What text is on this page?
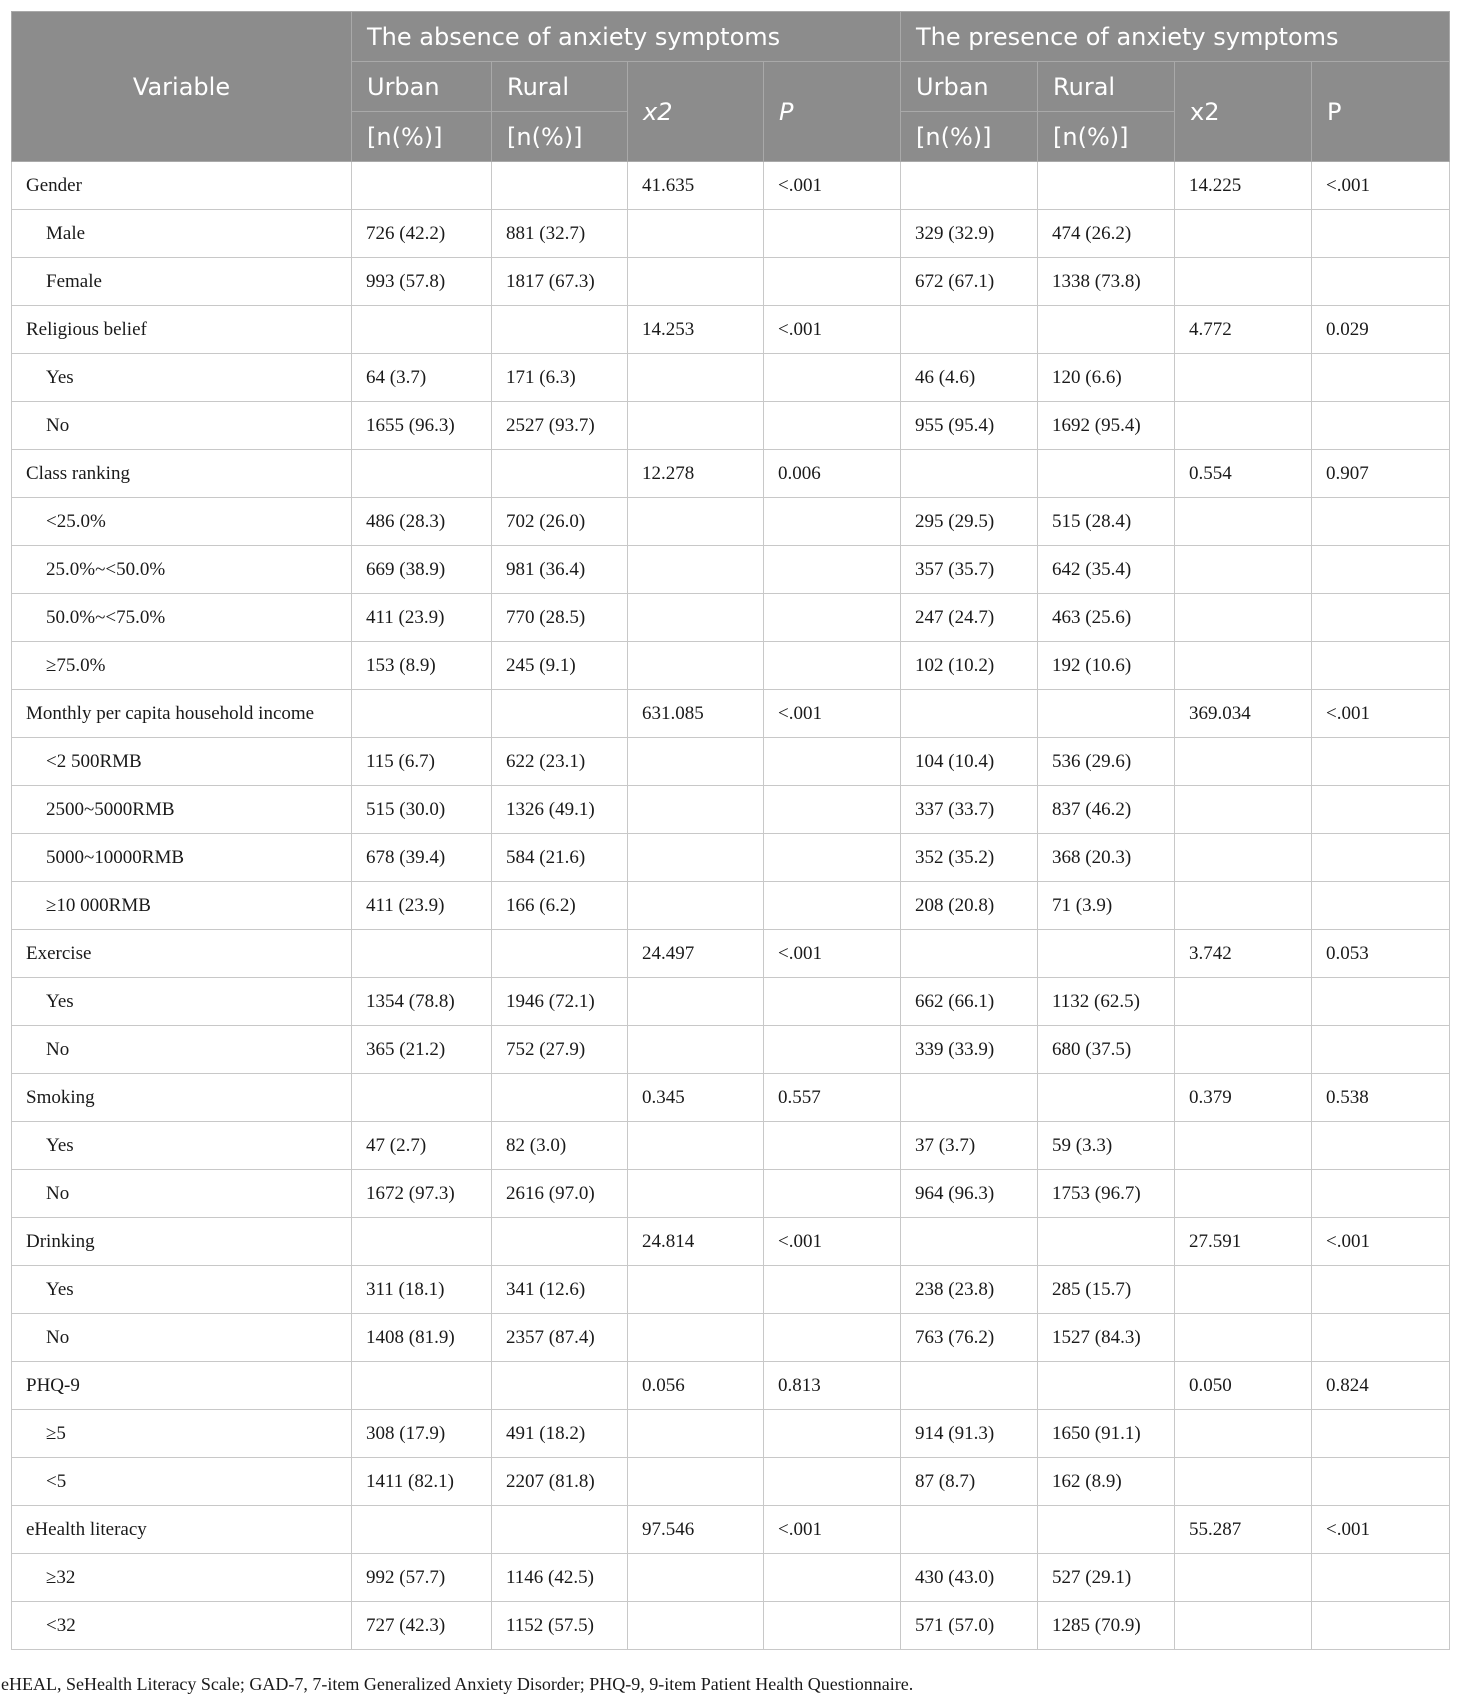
Variable	The absence of anxiety symptoms				The presence of anxiety symptoms			
	Urban	Rural	x2	P	Urban	Rural	x2	P
	[n(%)]	[n(%)]			[n(%)]	[n(%)]		
Gender			41.635	<.001			14.225	<.001
Male	726 (42.2)	881 (32.7)			329 (32.9)	474 (26.2)		
Female	993 (57.8)	1817 (67.3)			672 (67.1)	1338 (73.8)		
Religious belief			14.253	<.001			4.772	0.029
Yes	64 (3.7)	171 (6.3)			46 (4.6)	120 (6.6)		
No	1655 (96.3)	2527 (93.7)			955 (95.4)	1692 (95.4)		
Class ranking			12.278	0.006			0.554	0.907
<25.0%	486 (28.3)	702 (26.0)			295 (29.5)	515 (28.4)		
25.0%~<50.0%	669 (38.9)	981 (36.4)			357 (35.7)	642 (35.4)		
50.0%~<75.0%	411 (23.9)	770 (28.5)			247 (24.7)	463 (25.6)		
≥75.0%	153 (8.9)	245 (9.1)			102 (10.2)	192 (10.6)		
Monthly per capita household income			631.085	<.001			369.034	<.001
<2 500RMB	115 (6.7)	622 (23.1)			104 (10.4)	536 (29.6)		
2500~5000RMB	515 (30.0)	1326 (49.1)			337 (33.7)	837 (46.2)		
5000~10000RMB	678 (39.4)	584 (21.6)			352 (35.2)	368 (20.3)		
≥10 000RMB	411 (23.9)	166 (6.2)			208 (20.8)	71 (3.9)		
Exercise			24.497	<.001			3.742	0.053
Yes	1354 (78.8)	1946 (72.1)			662 (66.1)	1132 (62.5)		
No	365 (21.2)	752 (27.9)			339 (33.9)	680 (37.5)		
Smoking			0.345	0.557			0.379	0.538
Yes	47 (2.7)	82 (3.0)			37 (3.7)	59 (3.3)		
No	1672 (97.3)	2616 (97.0)			964 (96.3)	1753 (96.7)		
Drinking			24.814	<.001			27.591	<.001
Yes	311 (18.1)	341 (12.6)			238 (23.8)	285 (15.7)		
No	1408 (81.9)	2357 (87.4)			763 (76.2)	1527 (84.3)		
PHQ-9			0.056	0.813			0.050	0.824
≥5	308 (17.9)	491 (18.2)			914 (91.3)	1650 (91.1)		
<5	1411 (82.1)	2207 (81.8)			87 (8.7)	162 (8.9)		
eHealth literacy			97.546	<.001			55.287	<.001
≥32	992 (57.7)	1146 (42.5)			430 (43.0)	527 (29.1)		
<32	727 (42.3)	1152 (57.5)			571 (57.0)	1285 (70.9)		
eHEAL, SeHealth Literacy Scale; GAD-7, 7-item Generalized Anxiety Disorder; PHQ-9, 9-item Patient Health Questionnaire.
